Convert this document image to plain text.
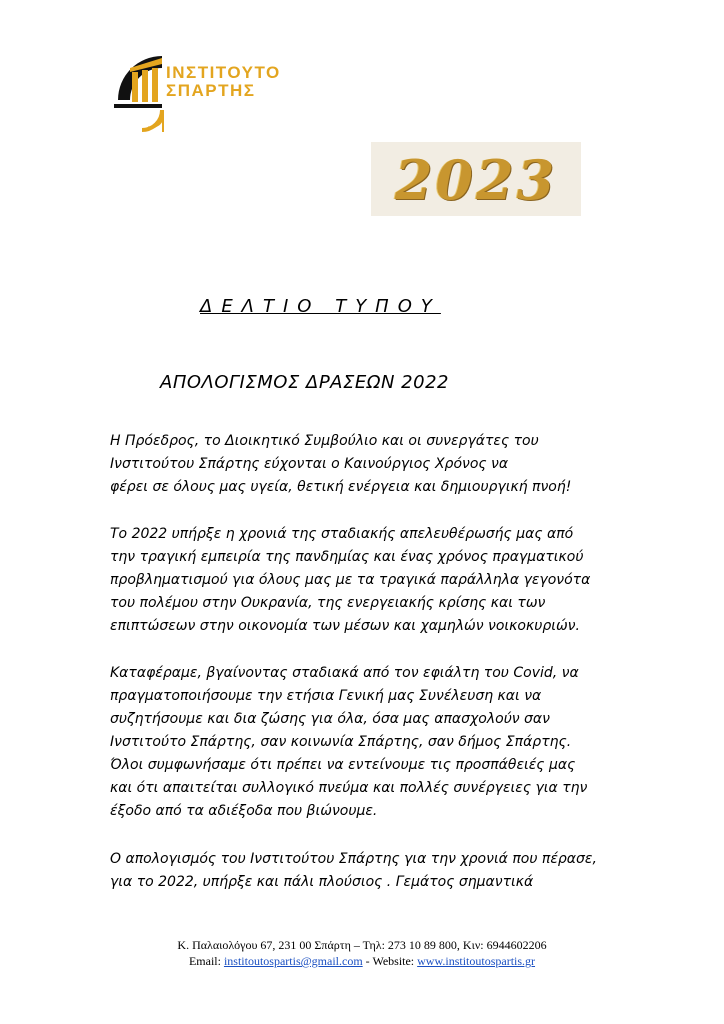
ΙΝΣΤΙΤΟΥΤΟ
ΣΠΑΡΤΗΣ
2023
ΔΕΛΤΙΟ ΤΥΠΟΥ
ΑΠΟΛΟΓΙΣΜΟΣ ΔΡΑΣΕΩΝ 2022
Η Πρόεδρος, το Διοικητικό Συμβούλιο και οι συνεργάτες του
Ινστιτούτου Σπάρτης εύχονται ο Καινούργιος Χρόνος να
φέρει σε όλους μας υγεία, θετική ενέργεια και δημιουργική πνοή!
Το 2022 υπήρξε η χρονιά της σταδιακής απελευθέρωσής μας από
την τραγική εμπειρία της πανδημίας και ένας χρόνος πραγματικού
προβληματισμού για όλους μας με τα τραγικά παράλληλα γεγονότα
του πολέμου στην Ουκρανία, της ενεργειακής κρίσης και των
επιπτώσεων στην οικονομία των μέσων και χαμηλών νοικοκυριών.
Καταφέραμε, βγαίνοντας σταδιακά από τον εφιάλτη του Covid, να
πραγματοποιήσουμε την ετήσια Γενική μας Συνέλευση και να
συζητήσουμε και δια ζώσης για όλα, όσα μας απασχολούν σαν
Ινστιτούτο Σπάρτης, σαν κοινωνία Σπάρτης, σαν δήμος Σπάρτης.
Όλοι συμφωνήσαμε ότι πρέπει να εντείνουμε τις προσπάθειές μας
και ότι απαιτείται συλλογικό πνεύμα και πολλές συνέργειες για την
έξοδο από τα αδιέξοδα που βιώνουμε.
Ο απολογισμός του Ινστιτούτου Σπάρτης για την χρονιά που πέρασε,
για το 2022, υπήρξε και πάλι πλούσιος . Γεμάτος σημαντικά
Κ. Παλαιολόγου 67, 231 00 Σπάρτη – Τηλ: 273 10 89 800, Κιν: 6944602206
Email: institoutospartis@gmail.com - Website: www.institoutospartis.gr
